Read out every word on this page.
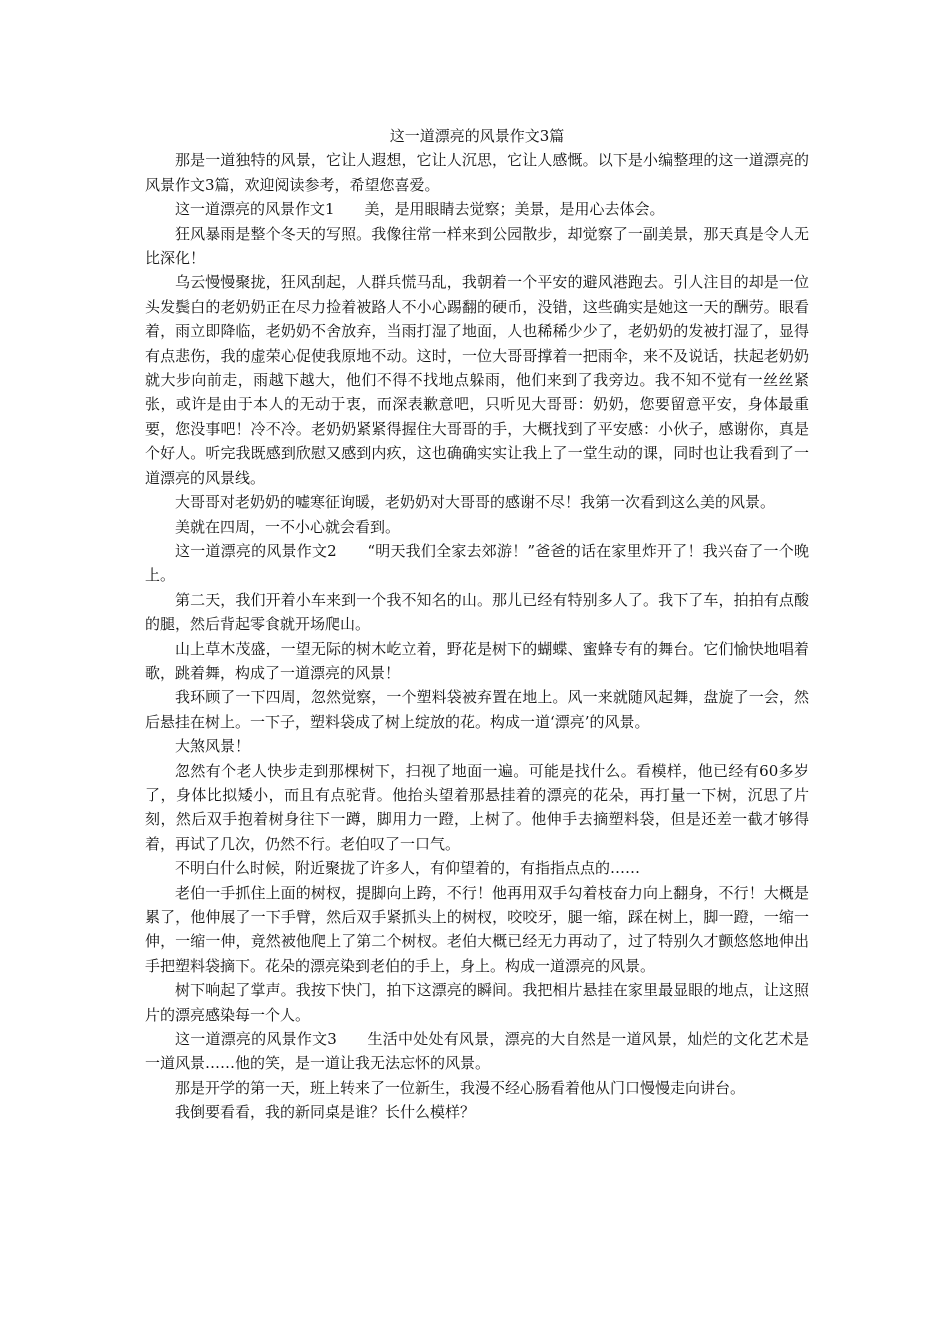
这一道漂亮的风景作文3篇

那是一道独特的风景，它让人遐想，它让人沉思，它让人感慨。以下是小编整理的这一道漂亮的风景作文3篇，欢迎阅读参考，希望您喜爱。

这一道漂亮的风景作文1　　美，是用眼睛去觉察；美景，是用心去体会。

狂风暴雨是整个冬天的写照。我像往常一样来到公园散步，却觉察了一副美景，那天真是令人无比深化！

乌云慢慢聚拢，狂风刮起，人群兵慌马乱，我朝着一个平安的避风港跑去。引人注目的却是一位头发鬓白的老奶奶正在尽力捡着被路人不小心踢翻的硬币，没错，这些确实是她这一天的酬劳。眼看着，雨立即降临，老奶奶不舍放弃，当雨打湿了地面，人也稀稀少少了，老奶奶的发被打湿了，显得有点悲伤，我的虚荣心促使我原地不动。这时，一位大哥哥撑着一把雨伞，来不及说话，扶起老奶奶就大步向前走，雨越下越大，他们不得不找地点躲雨，他们来到了我旁边。我不知不觉有一丝丝紧张，或许是由于本人的无动于衷，而深表歉意吧，只听见大哥哥：奶奶，您要留意平安，身体最重要，您没事吧！冷不冷。老奶奶紧紧得握住大哥哥的手，大概找到了平安感：小伙子，感谢你，真是个好人。听完我既感到欣慰又感到内疚，这也确确实实让我上了一堂生动的课，同时也让我看到了一道漂亮的风景线。

大哥哥对老奶奶的嘘寒征询暖，老奶奶对大哥哥的感谢不尽！我第一次看到这么美的风景。

美就在四周，一不小心就会看到。

这一道漂亮的风景作文2　　“明天我们全家去郊游！”爸爸的话在家里炸开了！我兴奋了一个晚上。

第二天，我们开着小车来到一个我不知名的山。那儿已经有特别多人了。我下了车，拍拍有点酸的腿，然后背起零食就开场爬山。

山上草木茂盛，一望无际的树木屹立着，野花是树下的蝴蝶、蜜蜂专有的舞台。它们愉快地唱着歌，跳着舞，构成了一道漂亮的风景！

我环顾了一下四周，忽然觉察，一个塑料袋被弃置在地上。风一来就随风起舞，盘旋了一会，然后悬挂在树上。一下子，塑料袋成了树上绽放的花。构成一道‘漂亮’的风景。

大煞风景！

忽然有个老人快步走到那棵树下，扫视了地面一遍。可能是找什么。看模样，他已经有60多岁了，身体比拟矮小，而且有点驼背。他抬头望着那悬挂着的漂亮的花朵，再打量一下树，沉思了片刻，然后双手抱着树身往下一蹲，脚用力一蹬，上树了。他伸手去摘塑料袋，但是还差一截才够得着，再试了几次，仍然不行。老伯叹了一口气。

不明白什么时候，附近聚拢了许多人，有仰望着的，有指指点点的……

老伯一手抓住上面的树杈，提脚向上跨，不行！他再用双手勾着枝奋力向上翻身，不行！大概是累了，他伸展了一下手臂，然后双手紧抓头上的树杈，咬咬牙，腿一缩，踩在树上，脚一蹬，一缩一伸，一缩一伸，竟然被他爬上了第二个树杈。老伯大概已经无力再动了，过了特别久才颤悠悠地伸出手把塑料袋摘下。花朵的漂亮染到老伯的手上，身上。构成一道漂亮的风景。

树下响起了掌声。我按下快门，拍下这漂亮的瞬间。我把相片悬挂在家里最显眼的地点，让这照片的漂亮感染每一个人。

这一道漂亮的风景作文3　　生活中处处有风景，漂亮的大自然是一道风景，灿烂的文化艺术是一道风景……他的笑，是一道让我无法忘怀的风景。

那是开学的第一天，班上转来了一位新生，我漫不经心肠看着他从门口慢慢走向讲台。

我倒要看看，我的新同桌是谁？长什么模样？
